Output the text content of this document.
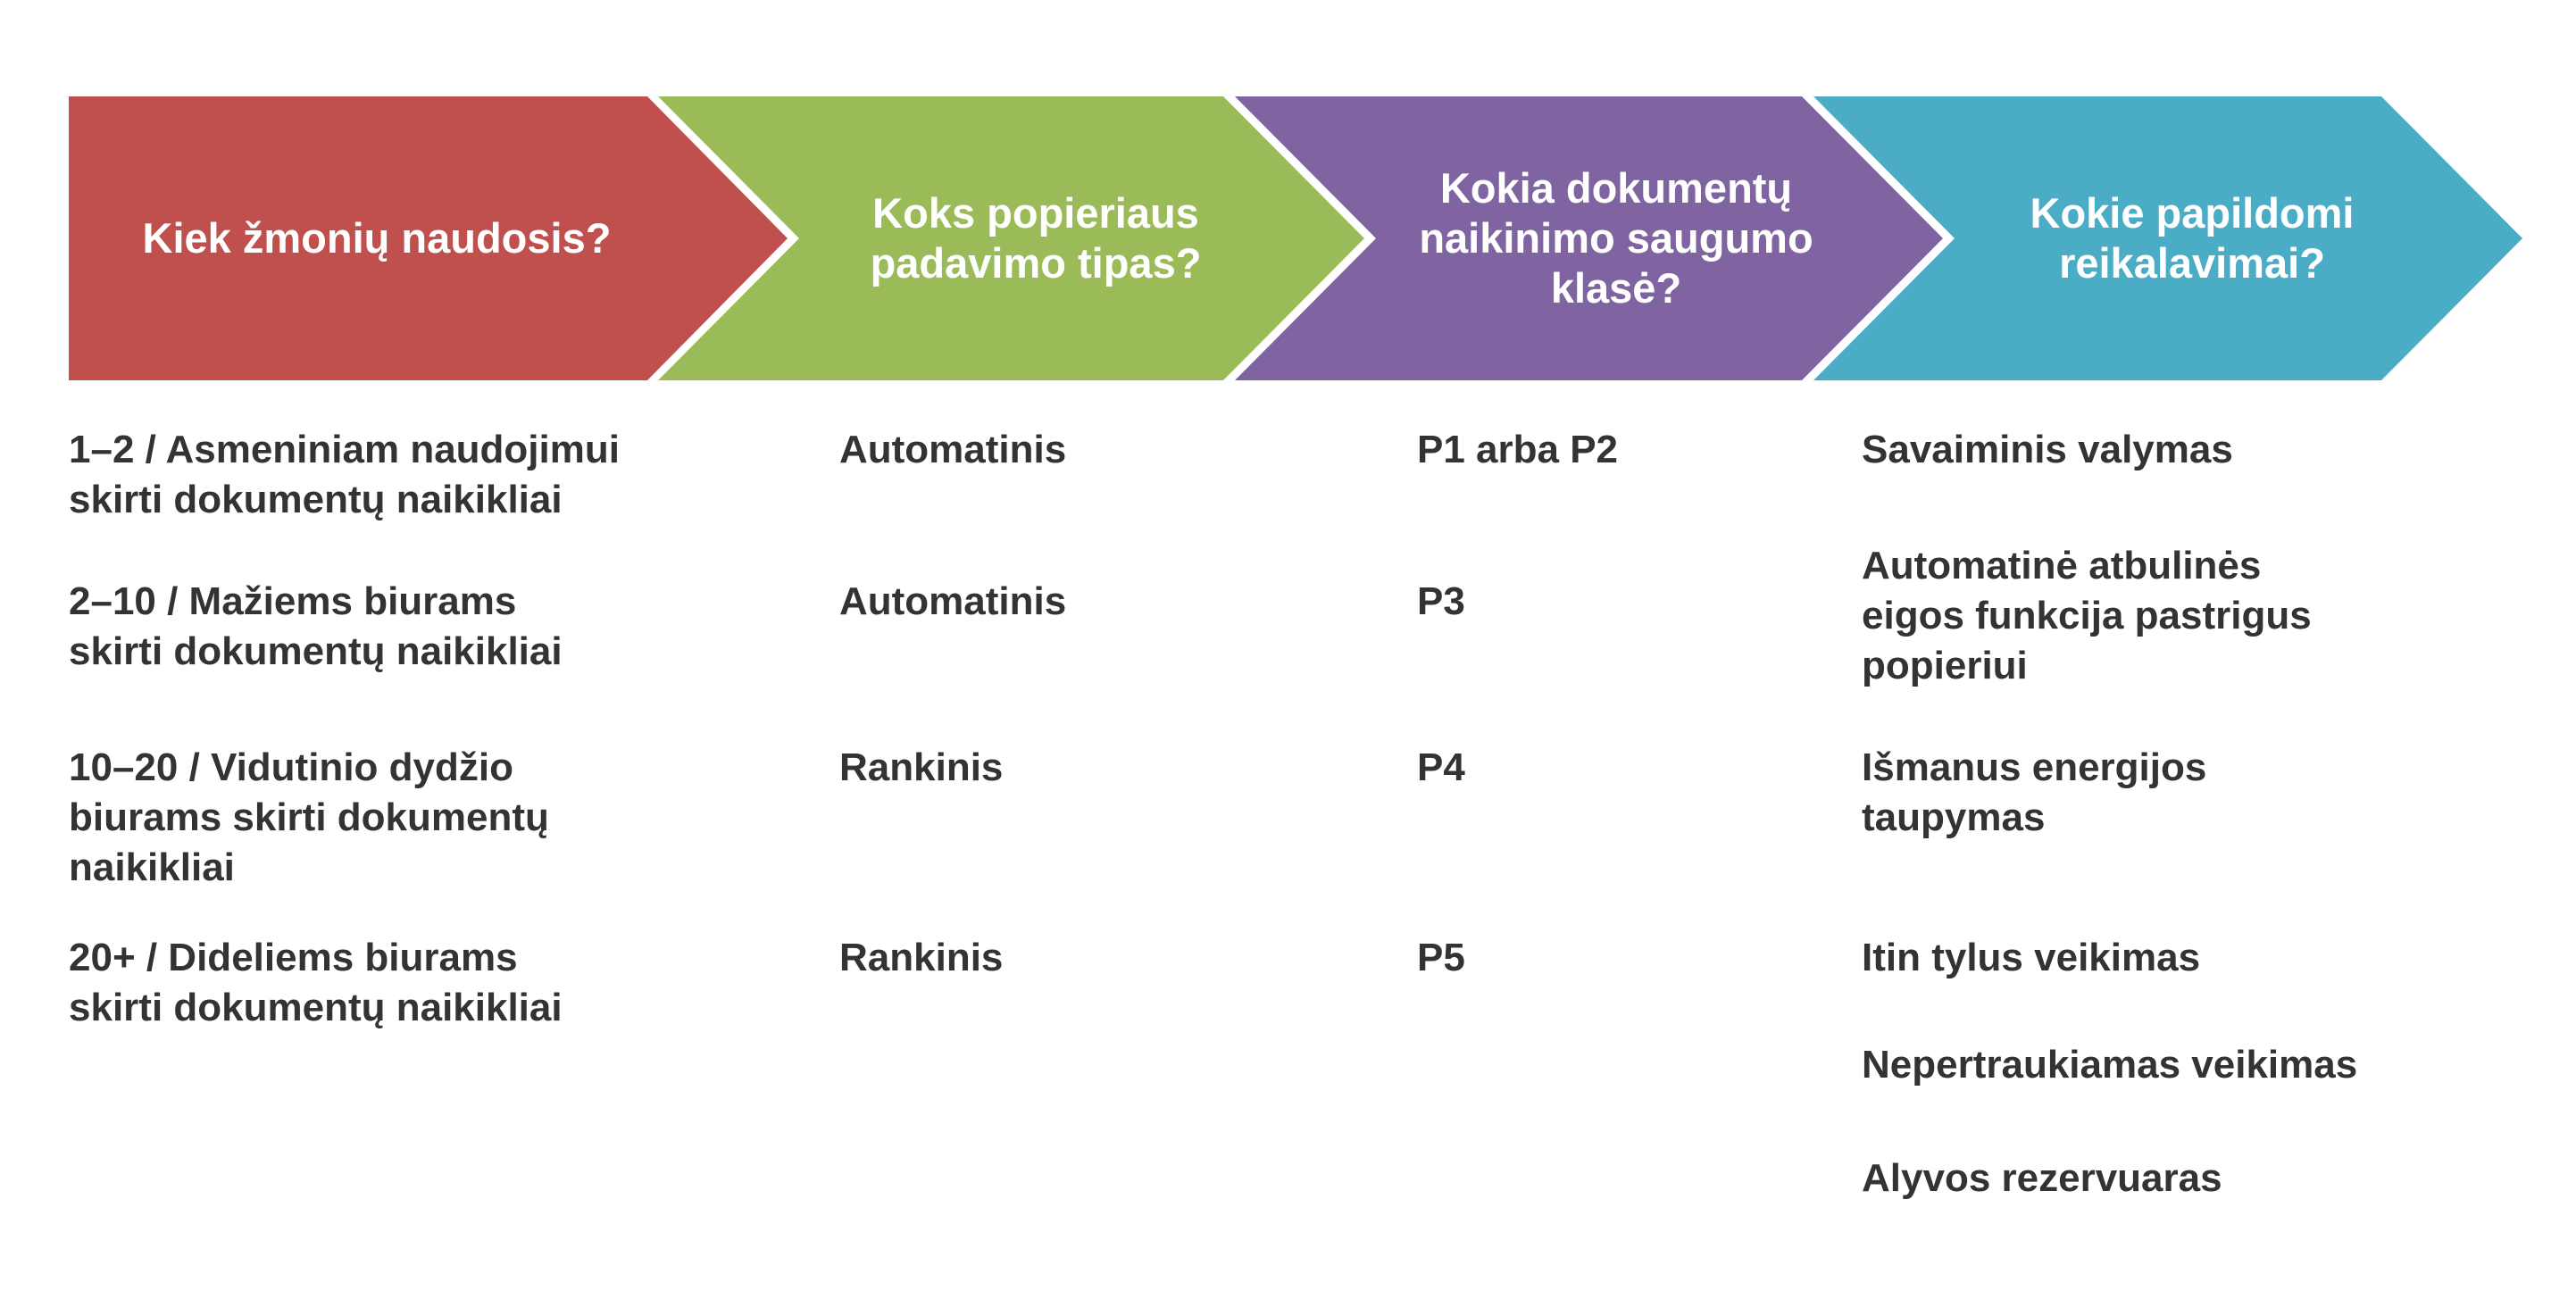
Kiek žmonių naudosis?
Koks popieriaus
padavimo tipas?
Kokia dokumentų
naikinimo saugumo
klasė?
Kokie papildomi
reikalavimai?

1–2 / Asmeniniam naudojimui
skirti dokumentų naikikliai

2–10 / Mažiems biurams
skirti dokumentų naikikliai

10–20 / Vidutinio dydžio
biurams skirti dokumentų
naikikliai

20+ / Dideliems biurams
skirti dokumentų naikikliai

Automatinis

Automatinis

Rankinis

Rankinis

P1 arba P2

P3

P4

P5

Savaiminis valymas

Automatinė atbulinės
eigos funkcija pastrigus
popieriui

Išmanus energijos
taupymas

Itin tylus veikimas

Nepertraukiamas veikimas

Alyvos rezervuaras
